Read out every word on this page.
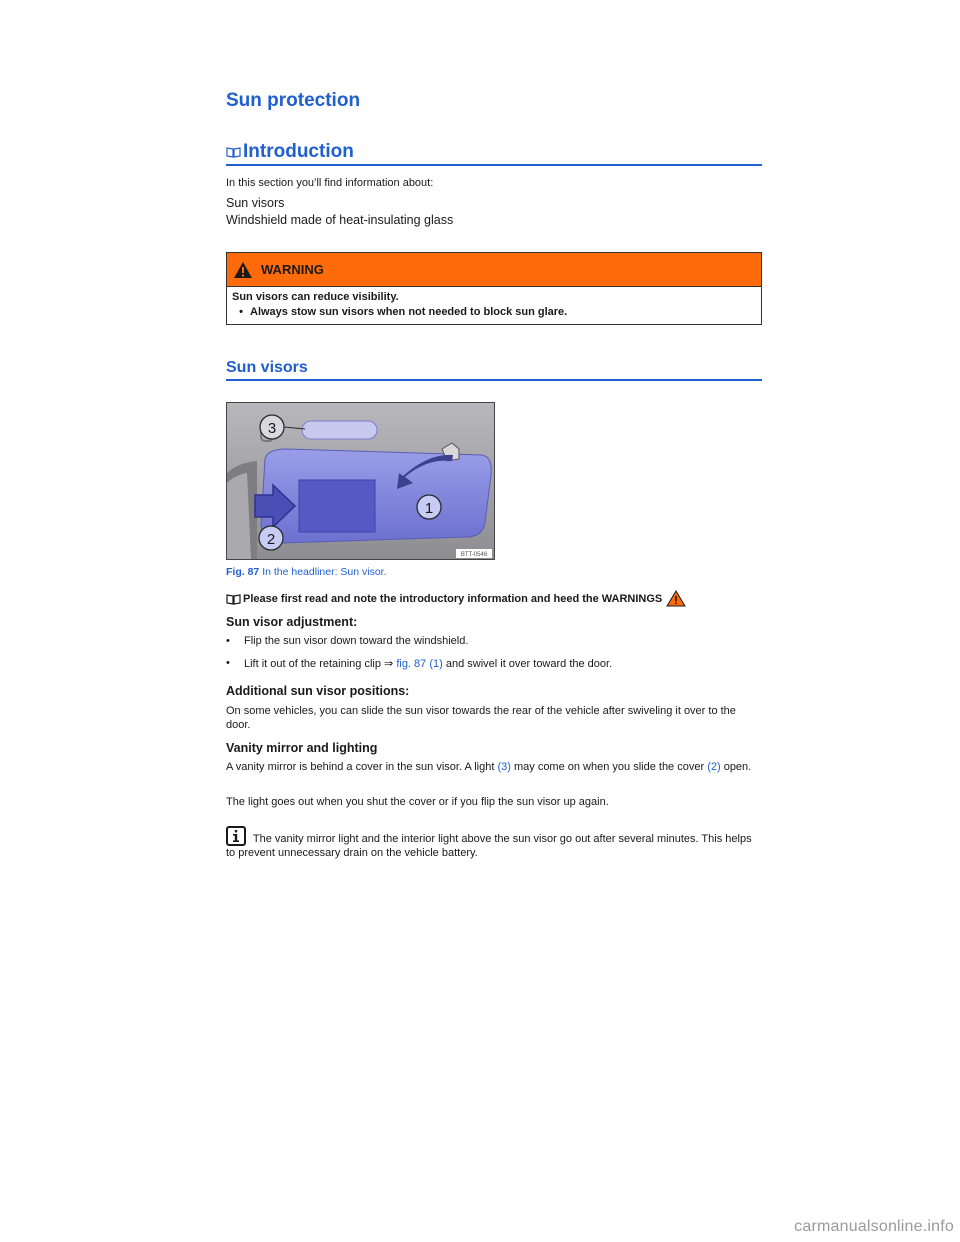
Sun protection
Introduction
In this section you’ll find information about:
Sun visors
Windshield made of heat-insulating glass
WARNING
Sun visors can reduce visibility.
• Always stow sun visors when not needed to block sun glare.
Sun visors
1
2
3
BTT-0546
Fig. 87 In the headliner: Sun visor.
Please first read and note the introductory information and heed the WARNINGS
Sun visor adjustment:
•	Flip the sun visor down toward the windshield.
•	Lift it out of the retaining clip ⇒ fig. 87 (1) and swivel it over toward the door.
Additional sun visor positions:
On some vehicles, you can slide the sun visor towards the rear of the vehicle after swiveling it over to the door.
Vanity mirror and lighting
A vanity mirror is behind a cover in the sun visor. A light (3) may come on when you slide the cover (2) open.
The light goes out when you shut the cover or if you flip the sun visor up again.
The vanity mirror light and the interior light above the sun visor go out after several minutes. This helps to prevent unnecessary drain on the vehicle battery.
carmanualsonline.info
